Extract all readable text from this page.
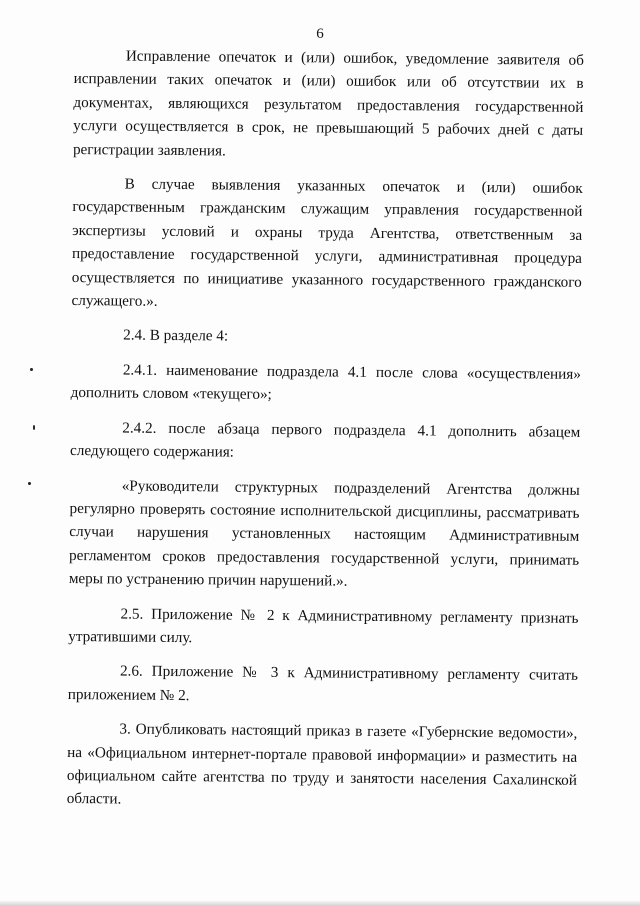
6

Исправление опечаток и (или) ошибок, уведомление заявителя об исправлении таких опечаток и (или) ошибок или об отсутствии их в документах, являющихся результатом предоставления государственной услуги осуществляется в срок, не превышающий 5 рабочих дней с даты регистрации заявления.

В случае выявления указанных опечаток и (или) ошибок государственным гражданским служащим управления государственной экспертизы условий и охраны труда Агентства, ответственным за предоставление государственной услуги, административная процедура осуществляется по инициативе указанного государственного гражданского служащего.».

2.4. В разделе 4:

2.4.1. наименование подраздела 4.1 после слова «осуществления» дополнить словом «текущего»;

2.4.2. после абзаца первого подраздела 4.1 дополнить абзацем следующего содержания:

«Руководители структурных подразделений Агентства должны регулярно проверять состояние исполнительской дисциплины, рассматривать случаи нарушения установленных настоящим Административным регламентом сроков предоставления государственной услуги, принимать меры по устранению причин нарушений.».

2.5. Приложение № 2 к Административному регламенту признать утратившими силу.

2.6. Приложение № 3 к Административному регламенту считать приложением № 2.

3. Опубликовать настоящий приказ в газете «Губернские ведомости», на «Официальном интернет-портале правовой информации» и разместить на официальном сайте агентства по труду и занятости населения Сахалинской области.
